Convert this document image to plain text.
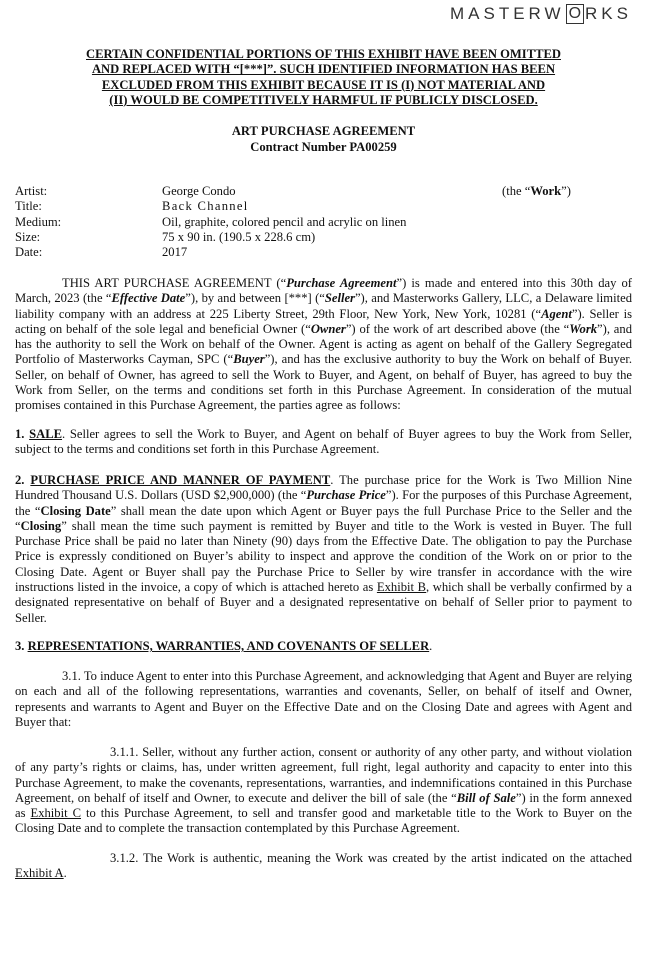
MASTERW O RKS
CERTAIN CONFIDENTIAL PORTIONS OF THIS EXHIBIT HAVE BEEN OMITTED
AND REPLACED WITH “[***]”. SUCH IDENTIFIED INFORMATION HAS BEEN
EXCLUDED FROM THIS EXHIBIT BECAUSE IT IS (I) NOT MATERIAL AND
(II) WOULD BE COMPETITIVELY HARMFUL IF PUBLICLY DISCLOSED.
ART PURCHASE AGREEMENT
Contract Number PA00259
Artist:	George Condo	(the “Work”)
Title:	Back Channel
Medium:	Oil, graphite, colored pencil and acrylic on linen
Size:	75 x 90 in. (190.5 x 228.6 cm)
Date:	2017

THIS ART PURCHASE AGREEMENT (“Purchase Agreement”) is made and entered into this 30th day of March, 2023 (the “Effective Date”), by and between [***] (“Seller”), and Masterworks Gallery, LLC, a Delaware limited liability company with an address at 225 Liberty Street, 29th Floor, New York, New York, 10281 (“Agent”). Seller is acting on behalf of the sole legal and beneficial Owner (“Owner”) of the work of art described above (the “Work”), and has the authority to sell the Work on behalf of the Owner. Agent is acting as agent on behalf of the Gallery Segregated Portfolio of Masterworks Cayman, SPC (“Buyer”), and has the exclusive authority to buy the Work on behalf of Buyer. Seller, on behalf of Owner, has agreed to sell the Work to Buyer, and Agent, on behalf of Buyer, has agreed to buy the Work from Seller, on the terms and conditions set forth in this Purchase Agreement. In consideration of the mutual promises contained in this Purchase Agreement, the parties agree as follows:

1. SALE. Seller agrees to sell the Work to Buyer, and Agent on behalf of Buyer agrees to buy the Work from Seller, subject to the terms and conditions set forth in this Purchase Agreement.

2. PURCHASE PRICE AND MANNER OF PAYMENT. The purchase price for the Work is Two Million Nine Hundred Thousand U.S. Dollars (USD $2,900,000) (the “Purchase Price”). For the purposes of this Purchase Agreement, the “Closing Date” shall mean the date upon which Agent or Buyer pays the full Purchase Price to the Seller and the “Closing” shall mean the time such payment is remitted by Buyer and title to the Work is vested in Buyer. The full Purchase Price shall be paid no later than Ninety (90) days from the Effective Date. The obligation to pay the Purchase Price is expressly conditioned on Buyer’s ability to inspect and approve the condition of the Work on or prior to the Closing Date. Agent or Buyer shall pay the Purchase Price to Seller by wire transfer in accordance with the wire instructions listed in the invoice, a copy of which is attached hereto as Exhibit B, which shall be verbally confirmed by a designated representative on behalf of Buyer and a designated representative on behalf of Seller prior to payment to Seller.

3. REPRESENTATIONS, WARRANTIES, AND COVENANTS OF SELLER.

3.1. To induce Agent to enter into this Purchase Agreement, and acknowledging that Agent and Buyer are relying on each and all of the following representations, warranties and covenants, Seller, on behalf of itself and Owner, represents and warrants to Agent and Buyer on the Effective Date and on the Closing Date and agrees with Agent and Buyer that:

3.1.1. Seller, without any further action, consent or authority of any other party, and without violation of any party’s rights or claims, has, under written agreement, full right, legal authority and capacity to enter into this Purchase Agreement, to make the covenants, representations, warranties, and indemnifications contained in this Purchase Agreement, on behalf of itself and Owner, to execute and deliver the bill of sale (the “Bill of Sale”) in the form annexed as Exhibit C to this Purchase Agreement, to sell and transfer good and marketable title to the Work to Buyer on the Closing Date and to complete the transaction contemplated by this Purchase Agreement.

3.1.2. The Work is authentic, meaning the Work was created by the artist indicated on the attached Exhibit A.
